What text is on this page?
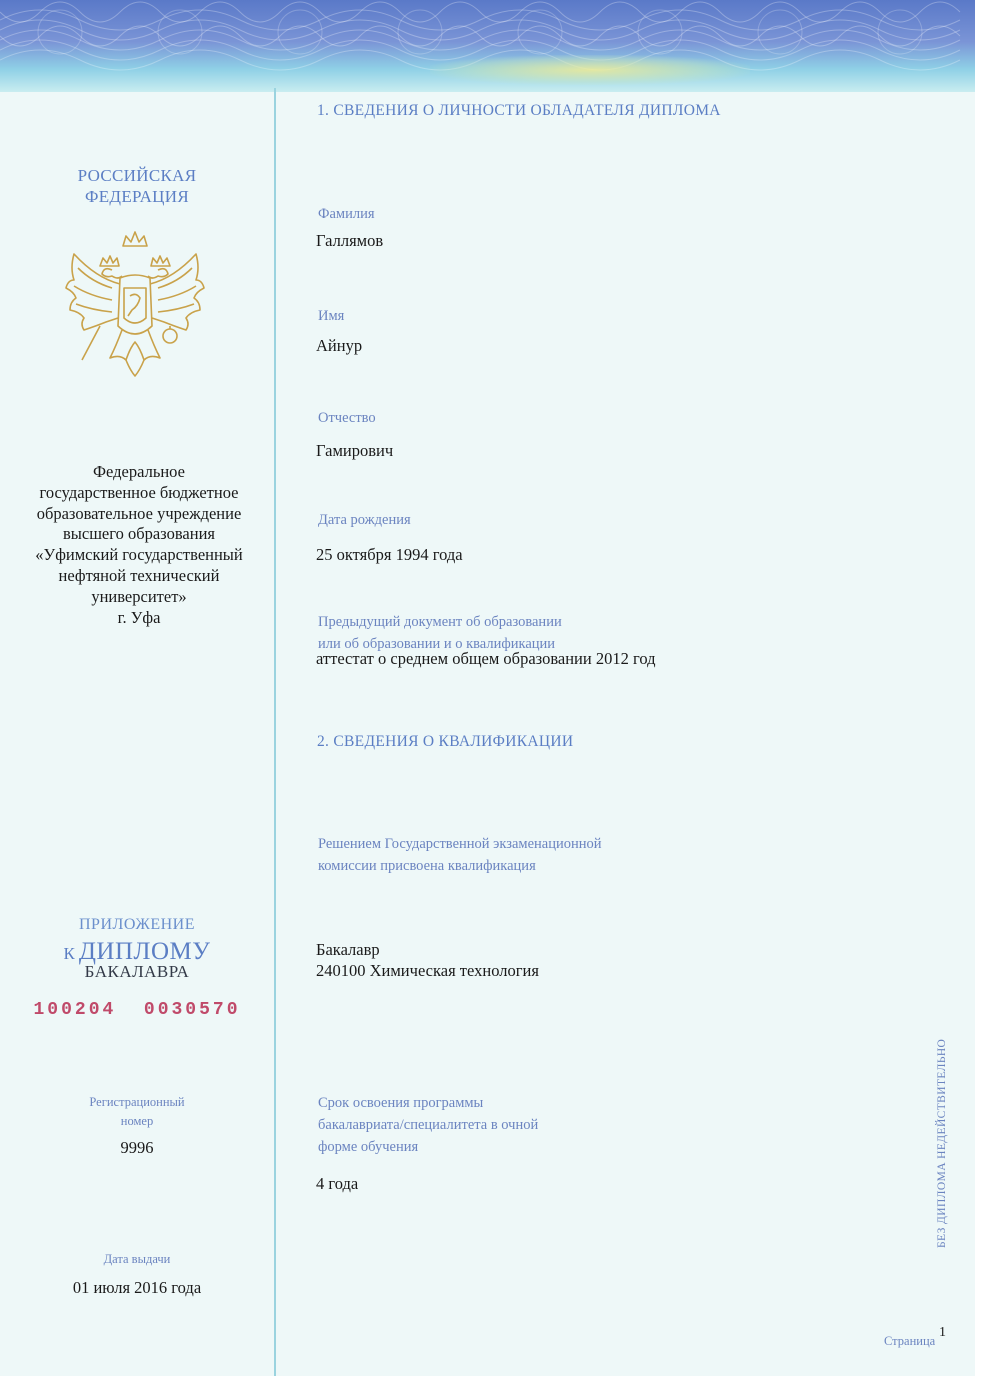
РОССИЙСКАЯ
ФЕДЕРАЦИЯ
Федеральное
государственное бюджетное
образовательное учреждение
высшего образования
«Уфимский государственный
нефтяной технический
университет»
г. Уфа
ПРИЛОЖЕНИЕ
К ДИПЛОМУ
БАКАЛАВРА
100204  0030570
Регистрационный
номер
9996
Дата выдачи
01 июля 2016 года
1. СВЕДЕНИЯ О ЛИЧНОСТИ ОБЛАДАТЕЛЯ ДИПЛОМА
Фамилия
Галлямов
Имя
Айнур
Отчество
Гамирович
Дата рождения
25 октября 1994 года
Предыдущий документ об образовании
или об образовании и о квалификации
аттестат о среднем общем образовании 2012 год
2. СВЕДЕНИЯ О КВАЛИФИКАЦИИ
Решением Государственной экзаменационной
комиссии присвоена квалификация
Бакалавр
240100 Химическая технология
Срок освоения программы
бакалавриата/специалитета в очной
форме обучения
4 года	БЕЗ ДИПЛОМА НЕДЕЙСТВИТЕЛЬНО
Страница
1
